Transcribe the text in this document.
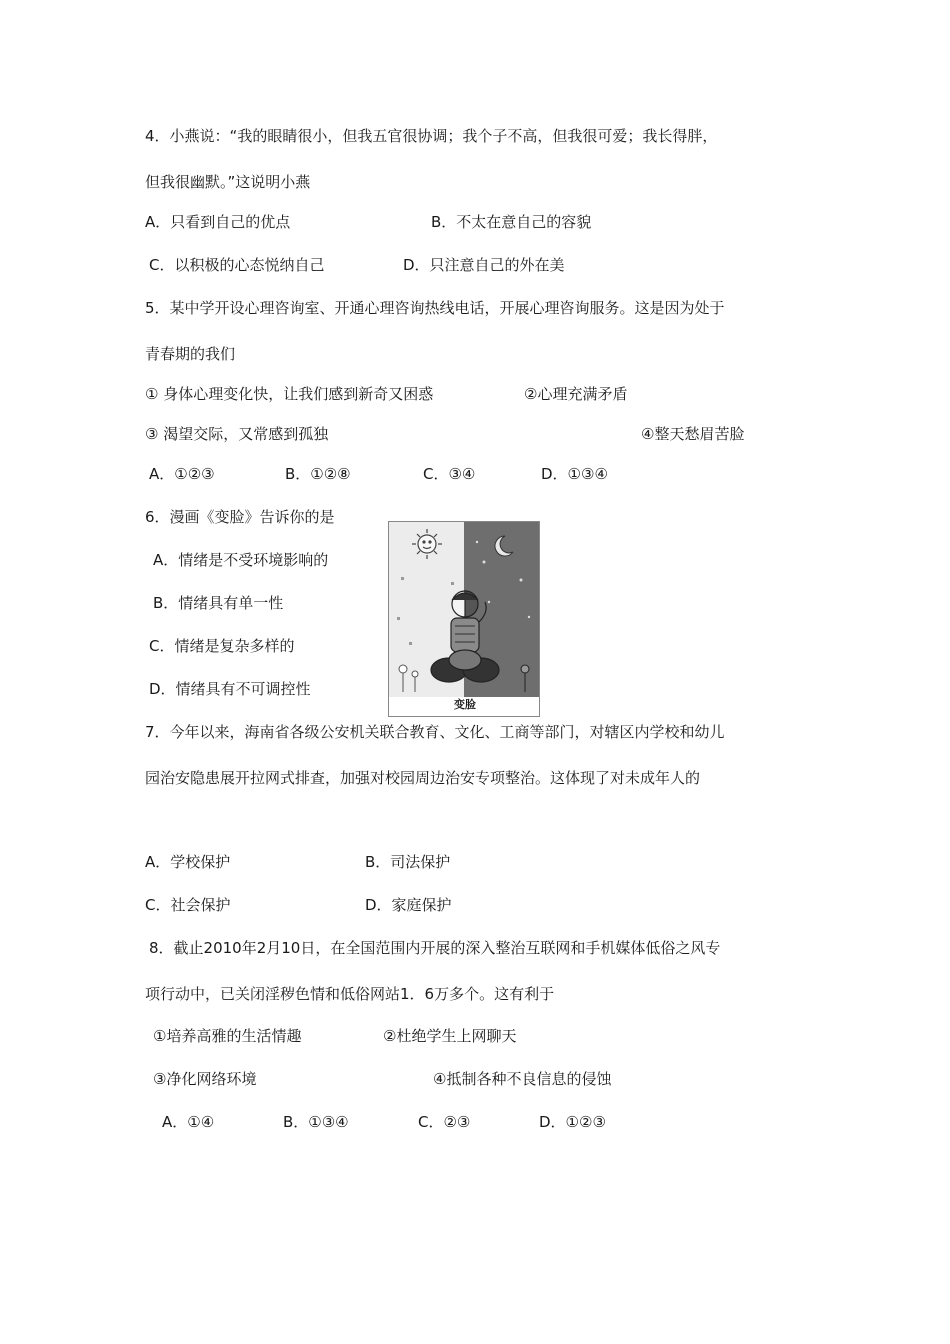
4．小燕说：“我的眼睛很小，但我五官很协调；我个子不高，但我很可爱；我长得胖，
但我很幽默。”这说明小燕
A．只看到自己的优点	B．不太在意自己的容貌
C．以积极的心态悦纳自己	D．只注意自己的外在美
5．某中学开设心理咨询室、开通心理咨询热线电话，开展心理咨询服务。这是因为处于
青春期的我们
① 身体心理变化快，让我们感到新奇又困惑	②心理充满矛盾
③ 渴望交际，又常感到孤独	④整天愁眉苦脸
A．①②③	B．①②⑧	C．③④	D．①③④
6．漫画《变脸》告诉你的是
A．情绪是不受环境影响的
B．情绪具有单一性
C．情绪是复杂多样的
D．情绪具有不可调控性
变脸
7．今年以来，海南省各级公安机关联合教育、文化、工商等部门，对辖区内学校和幼儿
园治安隐患展开拉网式排查，加强对校园周边治安专项整治。这体现了对未成年人的
A．学校保护	B．司法保护
C．社会保护	D．家庭保护
8．截止2010年2月10日，在全国范围内开展的深入整治互联网和手机媒体低俗之风专
项行动中，已关闭淫秽色情和低俗网站1．6万多个。这有利于
①培养高雅的生活情趣	②杜绝学生上网聊天
③净化网络环境	④抵制各种不良信息的侵蚀
A．①④	B．①③④	C．②③	D．①②③
